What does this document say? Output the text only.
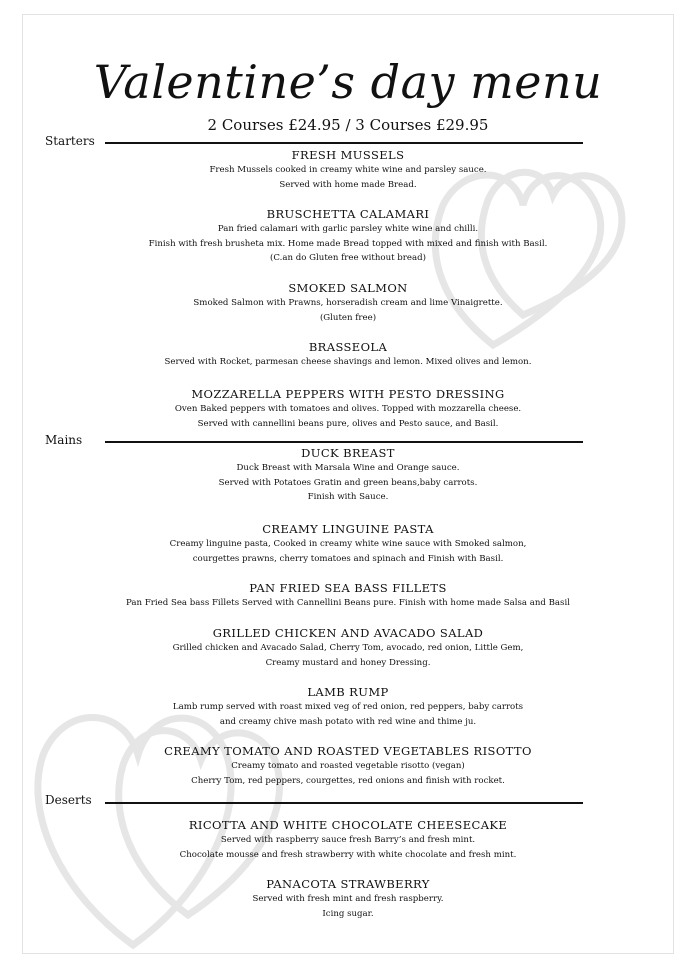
Valentine’s day menu
2 Courses £24.95 / 3 Courses £29.95
Starters
FRESH MUSSELS
Fresh Mussels cooked in creamy white wine and parsley sauce.
Served with home made Bread.
BRUSCHETTA CALAMARI
Pan fried calamari with garlic parsley white wine and chilli.
Finish with fresh brusheta mix. Home made Bread topped with mixed and finish with Basil.
(C.an do Gluten free without bread)
SMOKED SALMON
Smoked Salmon with Prawns, horseradish cream and lime Vinaigrette.
(Gluten free)
BRASSEOLA
Served with Rocket, parmesan cheese shavings and lemon. Mixed olives and lemon.
MOZZARELLA PEPPERS WITH PESTO DRESSING
Oven Baked peppers with tomatoes and olives. Topped with mozzarella cheese.
Served with cannellini beans pure, olives and Pesto sauce, and Basil.
Mains
DUCK BREAST
Duck Breast with Marsala Wine and Orange sauce.
Served with Potatoes Gratin and green beans,baby carrots.
Finish with Sauce.
CREAMY LINGUINE PASTA
Creamy linguine pasta, Cooked in creamy white wine sauce with Smoked salmon,
courgettes prawns, cherry tomatoes and spinach and Finish with Basil.
PAN FRIED SEA BASS FILLETS
Pan Fried Sea bass Fillets Served with Cannellini Beans pure. Finish with home made Salsa and Basil
GRILLED CHICKEN AND AVACADO SALAD
Grilled chicken and Avacado Salad, Cherry Tom, avocado, red onion, Little Gem,
Creamy mustard and honey Dressing.
LAMB RUMP
Lamb rump served with roast mixed veg of red onion, red peppers, baby carrots
and creamy chive mash potato with red wine and thime ju.
CREAMY TOMATO AND ROASTED VEGETABLES RISOTTO
Creamy tomato and roasted vegetable risotto (vegan)
Cherry Tom, red peppers, courgettes, red onions and finish with rocket.
Deserts
RICOTTA AND WHITE CHOCOLATE CHEESECAKE
Served with raspberry sauce fresh Barry’s and fresh mint.
Chocolate mousse and fresh strawberry with white chocolate and fresh mint.
PANACOTA STRAWBERRY
Served with fresh mint and fresh raspberry.
Icing sugar.
